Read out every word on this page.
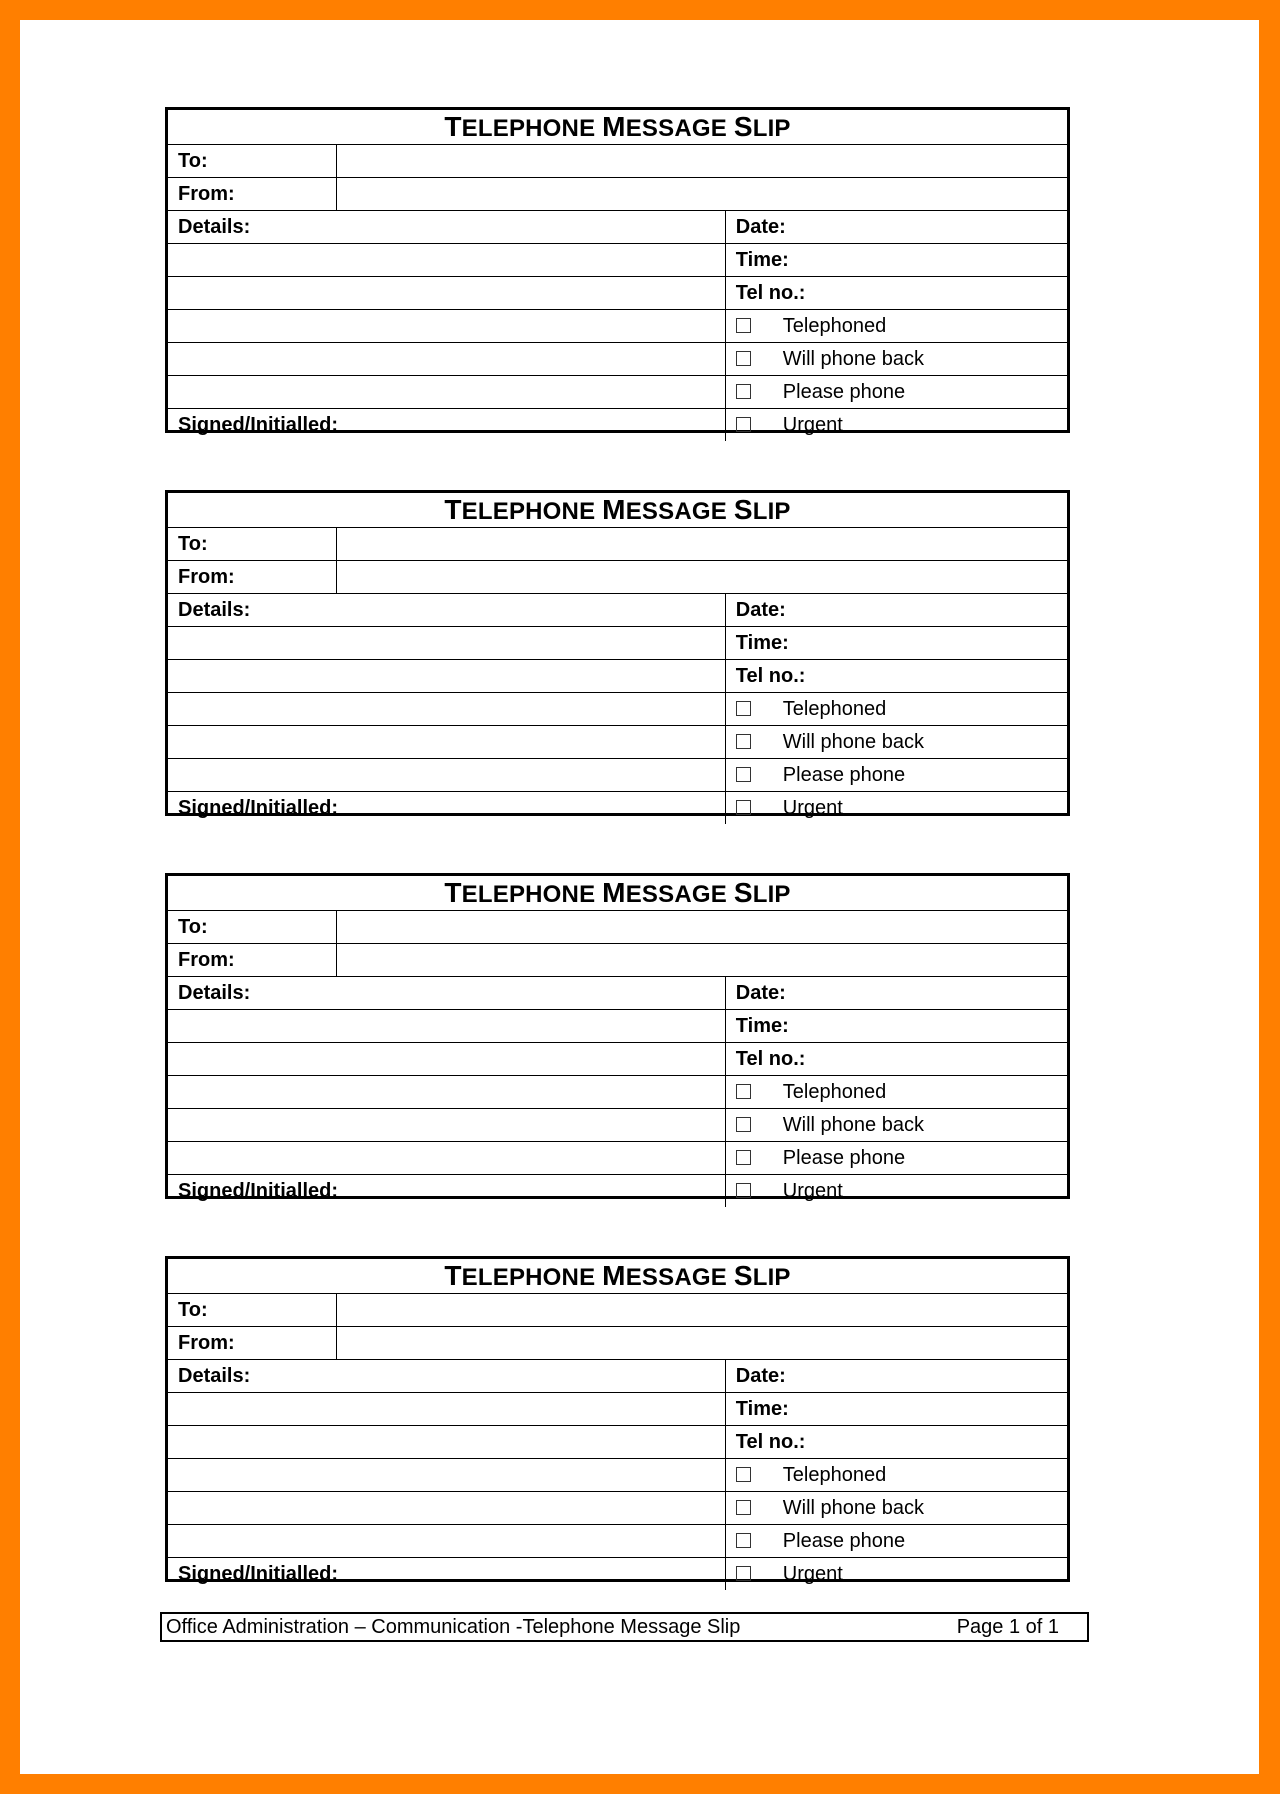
TELEPHONE MESSAGE SLIP		
To:		
From:		
Details:		Date:
		Time:
		Tel no.:
		Telephoned
		Will phone back
		Please phone
Signed/Initialled:		Urgent
TELEPHONE MESSAGE SLIP		
To:		
From:		
Details:		Date:
		Time:
		Tel no.:
		Telephoned
		Will phone back
		Please phone
Signed/Initialled:		Urgent
TELEPHONE MESSAGE SLIP		
To:		
From:		
Details:		Date:
		Time:
		Tel no.:
		Telephoned
		Will phone back
		Please phone
Signed/Initialled:		Urgent
TELEPHONE MESSAGE SLIP		
To:		
From:		
Details:		Date:
		Time:
		Tel no.:
		Telephoned
		Will phone back
		Please phone
Signed/Initialled:		Urgent
Office Administration – Communication -Telephone Message Slip	Page 1 of 1
